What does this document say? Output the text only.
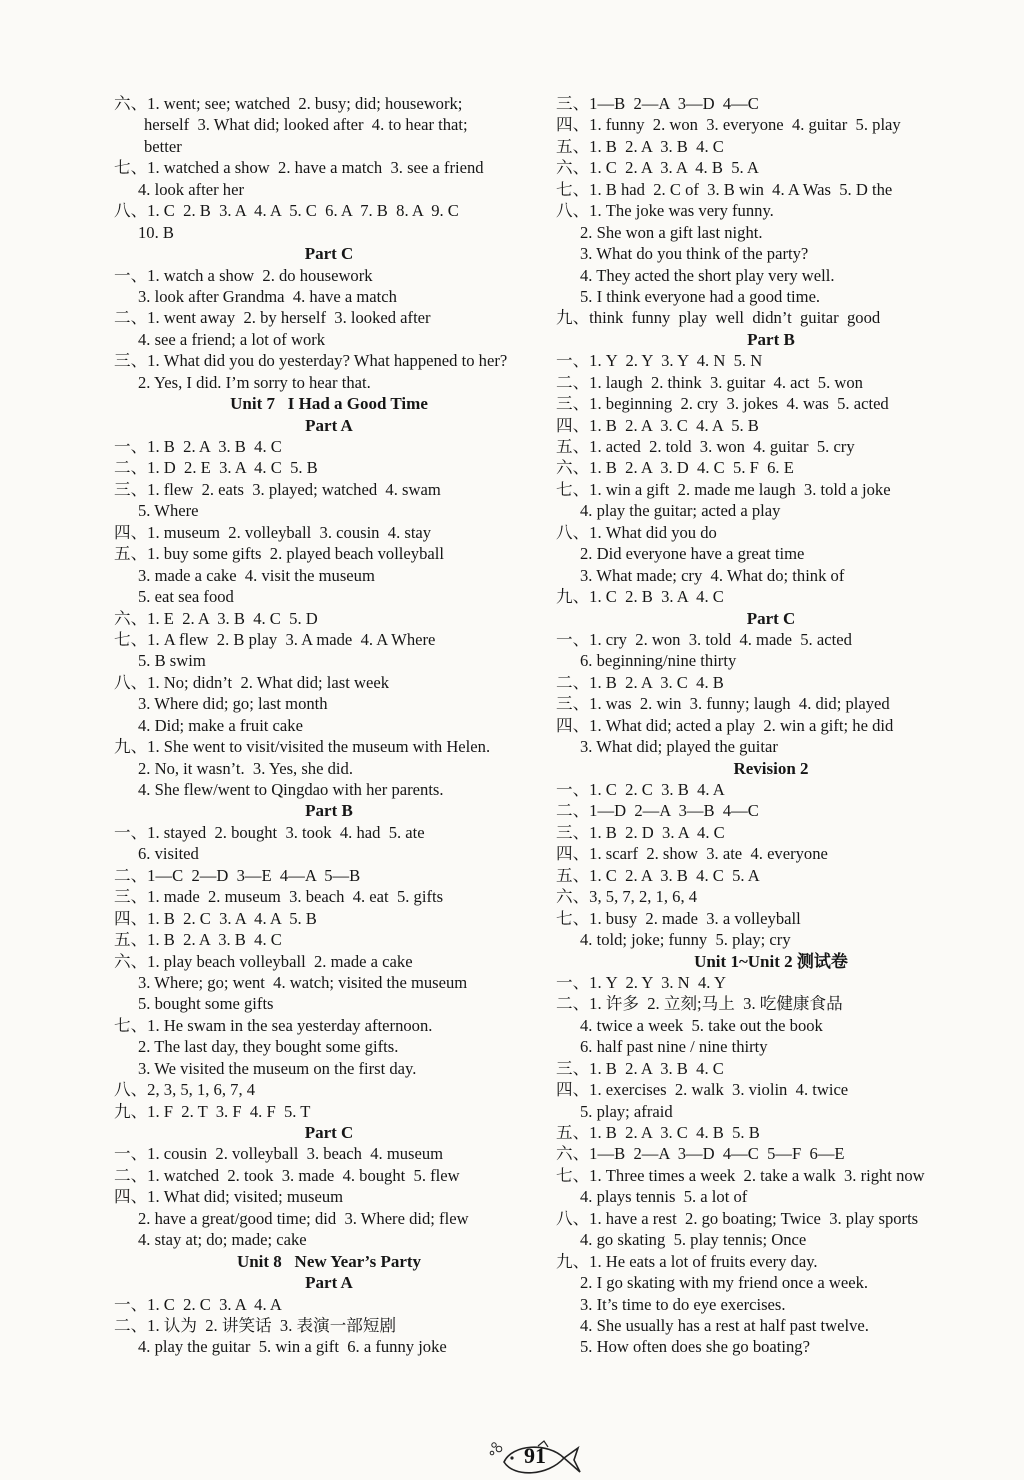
六、1. went; see; watched  2. busy; did; housework;
herself  3. What did; looked after  4. to hear that;
better
七、1. watched a show  2. have a match  3. see a friend
4. look after her
八、1. C  2. B  3. A  4. A  5. C  6. A  7. B  8. A  9. C
10. B
Part C
一、1. watch a show  2. do housework
3. look after Grandma  4. have a match
二、1. went away  2. by herself  3. looked after
4. see a friend; a lot of work
三、1. What did you do yesterday? What happened to her?
2. Yes, I did. I’m sorry to hear that.
Unit 7   I Had a Good Time
Part A
一、1. B  2. A  3. B  4. C
二、1. D  2. E  3. A  4. C  5. B
三、1. flew  2. eats  3. played; watched  4. swam
5. Where
四、1. museum  2. volleyball  3. cousin  4. stay
五、1. buy some gifts  2. played beach volleyball
3. made a cake  4. visit the museum
5. eat sea food
六、1. E  2. A  3. B  4. C  5. D
七、1. A flew  2. B play  3. A made  4. A Where
5. B swim
八、1. No; didn’t  2. What did; last week
3. Where did; go; last month
4. Did; make a fruit cake
九、1. She went to visit/visited the museum with Helen.
2. No, it wasn’t.  3. Yes, she did.
4. She flew/went to Qingdao with her parents.
Part B
一、1. stayed  2. bought  3. took  4. had  5. ate
6. visited
二、1—C  2—D  3—E  4—A  5—B
三、1. made  2. museum  3. beach  4. eat  5. gifts
四、1. B  2. C  3. A  4. A  5. B
五、1. B  2. A  3. B  4. C
六、1. play beach volleyball  2. made a cake
3. Where; go; went  4. watch; visited the museum
5. bought some gifts
七、1. He swam in the sea yesterday afternoon.
2. The last day, they bought some gifts.
3. We visited the museum on the first day.
八、2, 3, 5, 1, 6, 7, 4
九、1. F  2. T  3. F  4. F  5. T
Part C
一、1. cousin  2. volleyball  3. beach  4. museum
二、1. watched  2. took  3. made  4. bought  5. flew
四、1. What did; visited; museum
2. have a great/good time; did  3. Where did; flew
4. stay at; do; made; cake
Unit 8   New Year’s Party
Part A
一、1. C  2. C  3. A  4. A
二、1. 认为  2. 讲笑话  3. 表演一部短剧
4. play the guitar  5. win a gift  6. a funny joke
三、1—B  2—A  3—D  4—C
四、1. funny  2. won  3. everyone  4. guitar  5. play
五、1. B  2. A  3. B  4. C
六、1. C  2. A  3. A  4. B  5. A
七、1. B had  2. C of  3. B win  4. A Was  5. D the
八、1. The joke was very funny.
2. She won a gift last night.
3. What do you think of the party?
4. They acted the short play very well.
5. I think everyone had a good time.
九、think  funny  play  well  didn’t  guitar  good
Part B
一、1. Y  2. Y  3. Y  4. N  5. N
二、1. laugh  2. think  3. guitar  4. act  5. won
三、1. beginning  2. cry  3. jokes  4. was  5. acted
四、1. B  2. A  3. C  4. A  5. B
五、1. acted  2. told  3. won  4. guitar  5. cry
六、1. B  2. A  3. D  4. C  5. F  6. E
七、1. win a gift  2. made me laugh  3. told a joke
4. play the guitar; acted a play
八、1. What did you do
2. Did everyone have a great time
3. What made; cry  4. What do; think of
九、1. C  2. B  3. A  4. C
Part C
一、1. cry  2. won  3. told  4. made  5. acted
6. beginning/nine thirty
二、1. B  2. A  3. C  4. B
三、1. was  2. win  3. funny; laugh  4. did; played
四、1. What did; acted a play  2. win a gift; he did
3. What did; played the guitar
Revision 2
一、1. C  2. C  3. B  4. A
二、1—D  2—A  3—B  4—C
三、1. B  2. D  3. A  4. C
四、1. scarf  2. show  3. ate  4. everyone
五、1. C  2. A  3. B  4. C  5. A
六、3, 5, 7, 2, 1, 6, 4
七、1. busy  2. made  3. a volleyball
4. told; joke; funny  5. play; cry
Unit 1~Unit 2 测试卷
一、1. Y  2. Y  3. N  4. Y
二、1. 许多  2. 立刻;马上  3. 吃健康食品
4. twice a week  5. take out the book
6. half past nine / nine thirty
三、1. B  2. A  3. B  4. C
四、1. exercises  2. walk  3. violin  4. twice
5. play; afraid
五、1. B  2. A  3. C  4. B  5. B
六、1—B  2—A  3—D  4—C  5—F  6—E
七、1. Three times a week  2. take a walk  3. right now
4. plays tennis  5. a lot of
八、1. have a rest  2. go boating; Twice  3. play sports
4. go skating  5. play tennis; Once
九、1. He eats a lot of fruits every day.
2. I go skating with my friend once a week.
3. It’s time to do eye exercises.
4. She usually has a rest at half past twelve.
5. How often does she go boating?
91
